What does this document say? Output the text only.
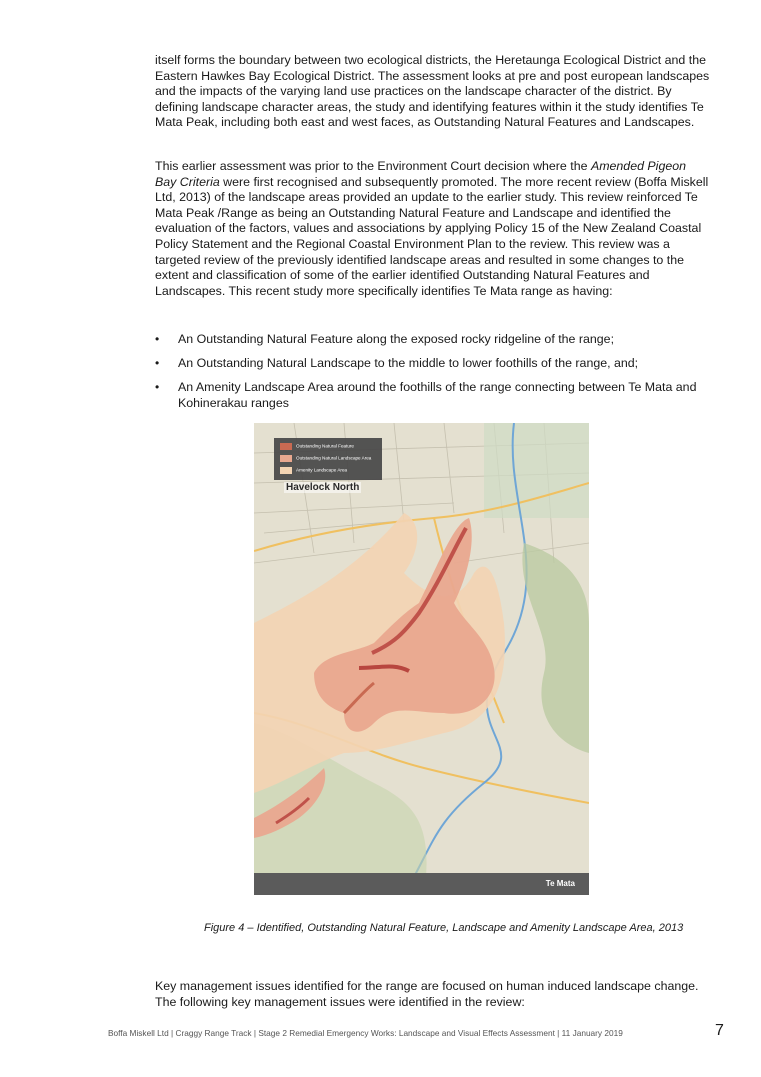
itself forms the boundary between two ecological districts, the Heretaunga Ecological District and the Eastern Hawkes Bay Ecological District. The assessment looks at pre and post european landscapes and the impacts of the varying land use practices on the landscape character of the district. By defining landscape character areas, the study and identifying features within it the study identifies Te Mata Peak, including both east and west faces, as Outstanding Natural Features and Landscapes.
This earlier assessment was prior to the Environment Court decision where the Amended Pigeon Bay Criteria were first recognised and subsequently promoted. The more recent review (Boffa Miskell Ltd, 2013) of the landscape areas provided an update to the earlier study. This review reinforced Te Mata Peak /Range as being an Outstanding Natural Feature and Landscape and identified the evaluation of the factors, values and associations by applying Policy 15 of the New Zealand Coastal Policy Statement and the Regional Coastal Environment Plan to the review. This review was a targeted review of the previously identified landscape areas and resulted in some changes to the extent and classification of some of the earlier identified Outstanding Natural Features and Landscapes. This recent study more specifically identifies Te Mata range as having:
• An Outstanding Natural Feature along the exposed rocky ridgeline of the range;
• An Outstanding Natural Landscape to the middle to lower foothills of the range, and;
• An Amenity Landscape Area around the foothills of the range connecting between Te Mata and Kohinerakau ranges
Outstanding Natural Feature
Outstanding Natural Landscape Area
Amenity Landscape Area
Havelock North
Te Mata
Figure 4 – Identified, Outstanding Natural Feature, Landscape and Amenity Landscape Area, 2013
Key management issues identified for the range are focused on human induced landscape change. The following key management issues were identified in the review:
Boffa Miskell Ltd | Craggy Range Track | Stage 2 Remedial Emergency Works: Landscape and Visual Effects Assessment | 11 January 2019	7
